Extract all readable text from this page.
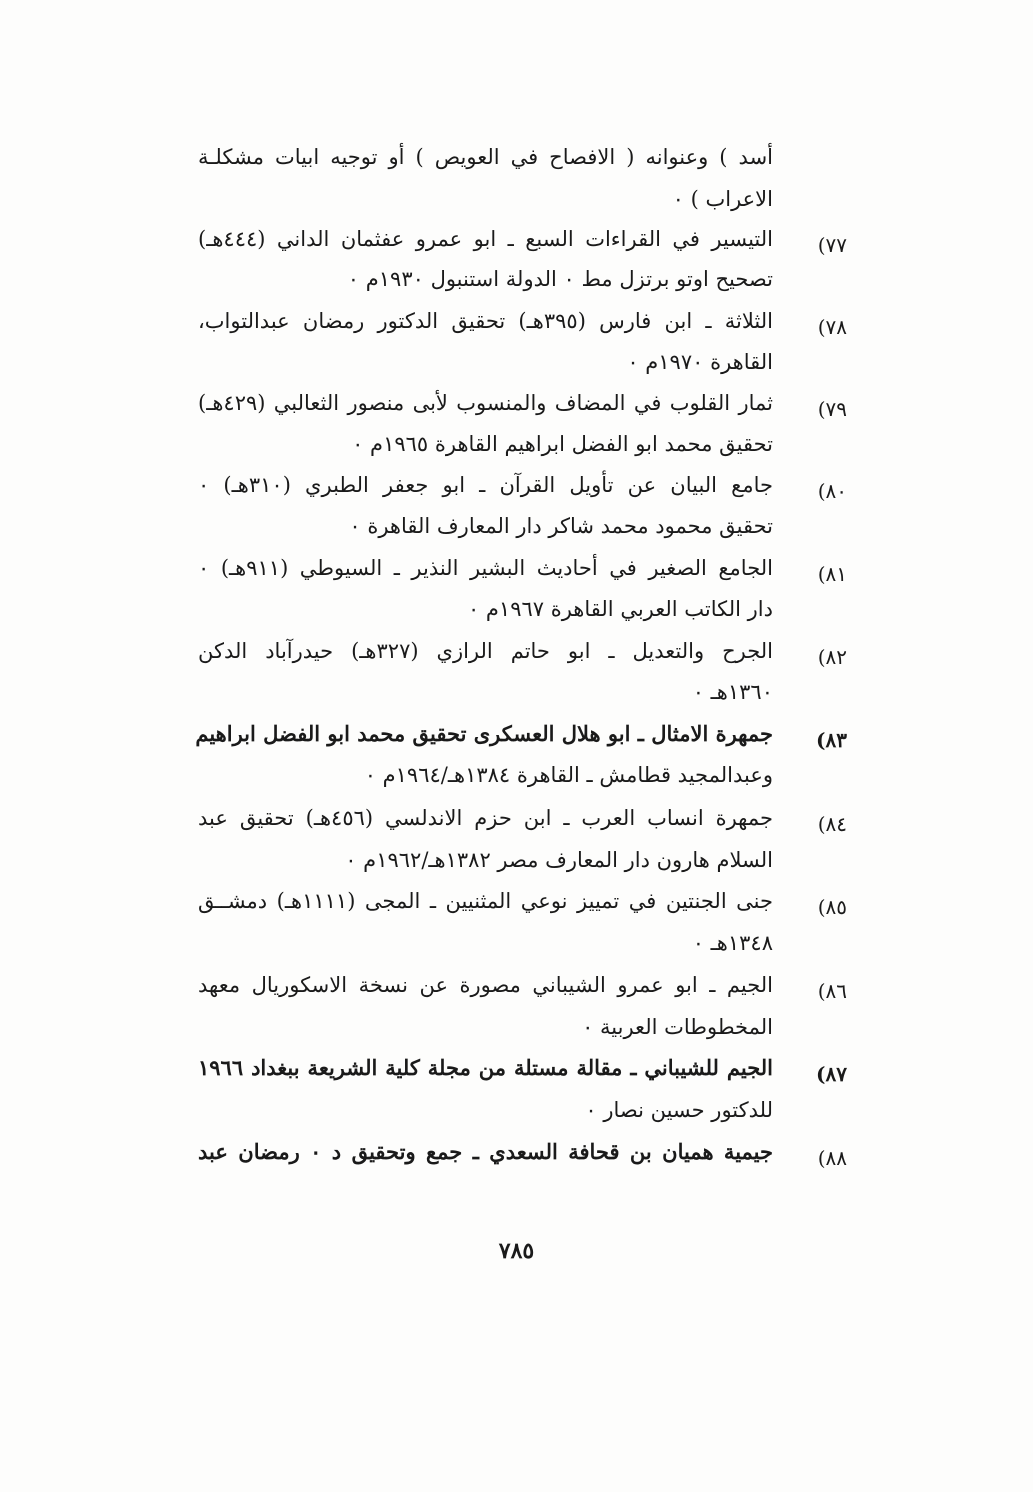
أسد ) وعنوانه ( الافصاح في العويص ) أو توجيه ابيات مشكلـة
الاعراب ) ٠
٧٧)
التيسير في القراءات السبع ـ ابو عمرو عفثمان الداني (٤٤٤هـ)
تصحيح اوتو برتزل مط ٠ الدولة استنبول ١٩٣٠م ٠
٧٨)
الثلاثة ـ ابن فارس (٣٩٥هـ) تحقيق الدكتور رمضان عبدالتواب،
القاهرة ١٩٧٠م ٠
٧٩)
ثمار القلوب في المضاف والمنسوب لأبى منصور الثعالبي (٤٢٩هـ)
تحقيق محمد ابو الفضل ابراهيم القاهرة ١٩٦٥م ٠
٨٠)
جامع البيان عن تأويل القرآن ـ ابو جعفر الطبري (٣١٠هـ) ٠
تحقيق محمود محمد شاكر دار المعارف القاهرة ٠
٨١)
الجامع الصغير في أحاديث البشير النذير ـ السيوطي (٩١١هـ) ٠
دار الكاتب العربي القاهرة ١٩٦٧م ٠
٨٢)
الجرح والتعديل ـ ابو حاتم الرازي (٣٢٧هـ) حيدرآباد الدكن
١٣٦٠هـ ٠
٨٣)
جمهرة الامثال ـ ابو هلال العسكرى تحقيق محمد ابو الفضل ابراهيم
وعبدالمجيد قطامش ـ القاهرة ١٣٨٤هـ/١٩٦٤م ٠
٨٤)
جمهرة انساب العرب ـ ابن حزم الاندلسي (٤٥٦هـ) تحقيق عبد
السلام هارون دار المعارف مصر ١٣٨٢هـ/١٩٦٢م ٠
٨٥)
جنى الجنتين في تمييز نوعي المثنيين ـ المجى (١١١١هـ) دمشــق
١٣٤٨هـ ٠
٨٦)
الجيم ـ ابو عمرو الشيباني مصورة عن نسخة الاسكوريال معهد
المخطوطات العربية ٠
٨٧)
الجيم للشيباني ـ مقالة مستلة من مجلة كلية الشريعة ببغداد ١٩٦٦
للدكتور حسين نصار ٠
٨٨)
جيمية هميان بن قحافة السعدي ـ جمع وتحقيق د ٠ رمضان عبد
٧٨٥
